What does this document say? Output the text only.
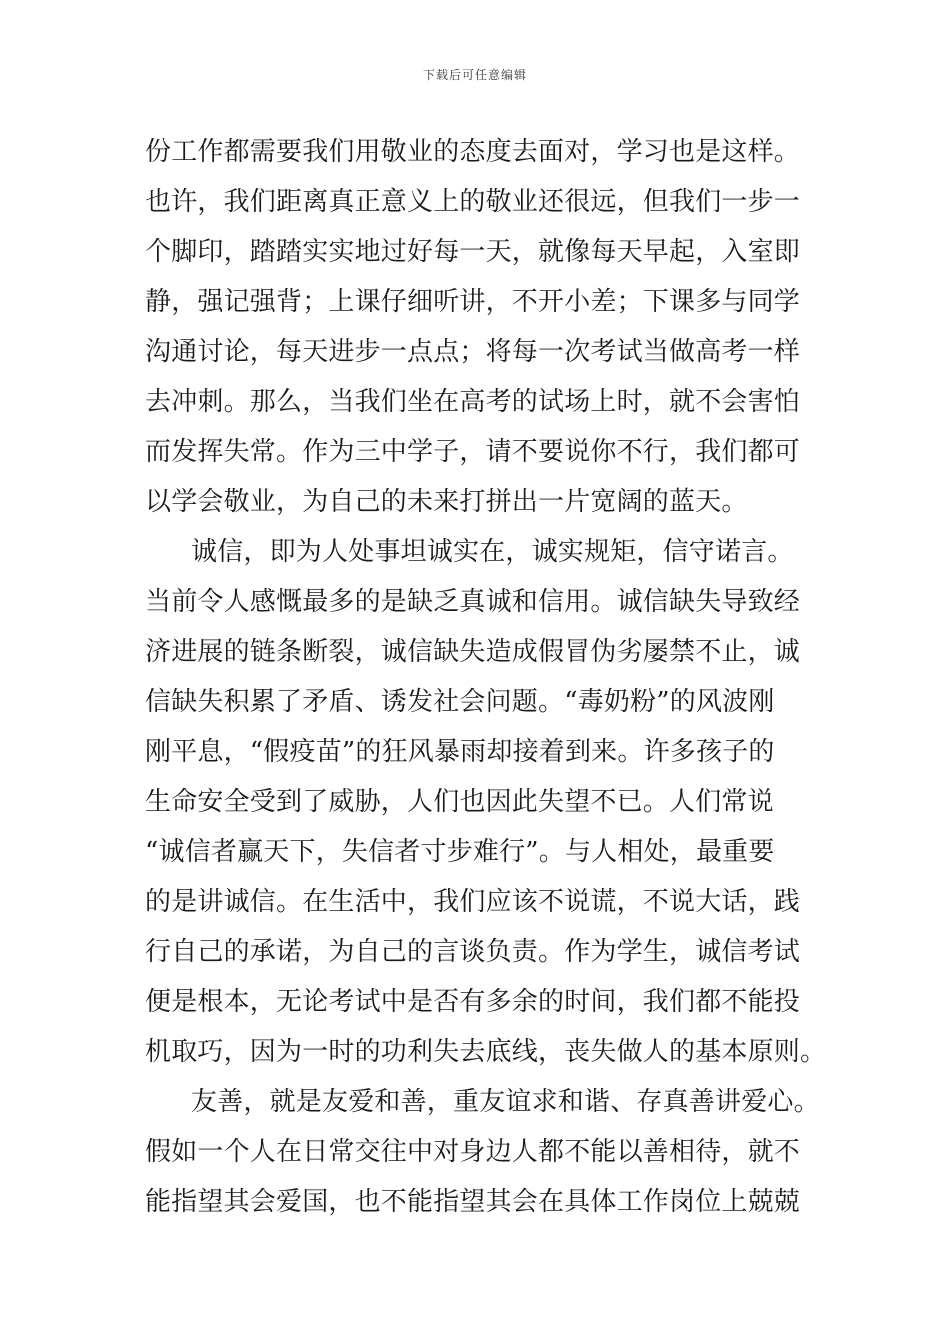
下载后可任意编辑
份工作都需要我们用敬业的态度去面对，学习也是这样。
也许，我们距离真正意义上的敬业还很远，但我们一步一
个脚印，踏踏实实地过好每一天，就像每天早起，入室即
静，强记强背；上课仔细听讲，不开小差；下课多与同学
沟通讨论，每天进步一点点；将每一次考试当做高考一样
去冲刺。那么，当我们坐在高考的试场上时，就不会害怕
而发挥失常。作为三中学子，请不要说你不行，我们都可
以学会敬业，为自己的未来打拼出一片宽阔的蓝天。
诚信，即为人处事坦诚实在，诚实规矩，信守诺言。
当前令人感慨最多的是缺乏真诚和信用。诚信缺失导致经
济进展的链条断裂，诚信缺失造成假冒伪劣屡禁不止，诚
信缺失积累了矛盾、诱发社会问题。“毒奶粉”的风波刚
刚平息，“假疫苗”的狂风暴雨却接着到来。许多孩子的
生命安全受到了威胁，人们也因此失望不已。人们常说
“诚信者赢天下，失信者寸步难行”。与人相处，最重要
的是讲诚信。在生活中，我们应该不说谎，不说大话，践
行自己的承诺，为自己的言谈负责。作为学生，诚信考试
便是根本，无论考试中是否有多余的时间，我们都不能投
机取巧，因为一时的功利失去底线，丧失做人的基本原则。
友善，就是友爱和善，重友谊求和谐、存真善讲爱心。
假如一个人在日常交往中对身边人都不能以善相待，就不
能指望其会爱国，也不能指望其会在具体工作岗位上兢兢
